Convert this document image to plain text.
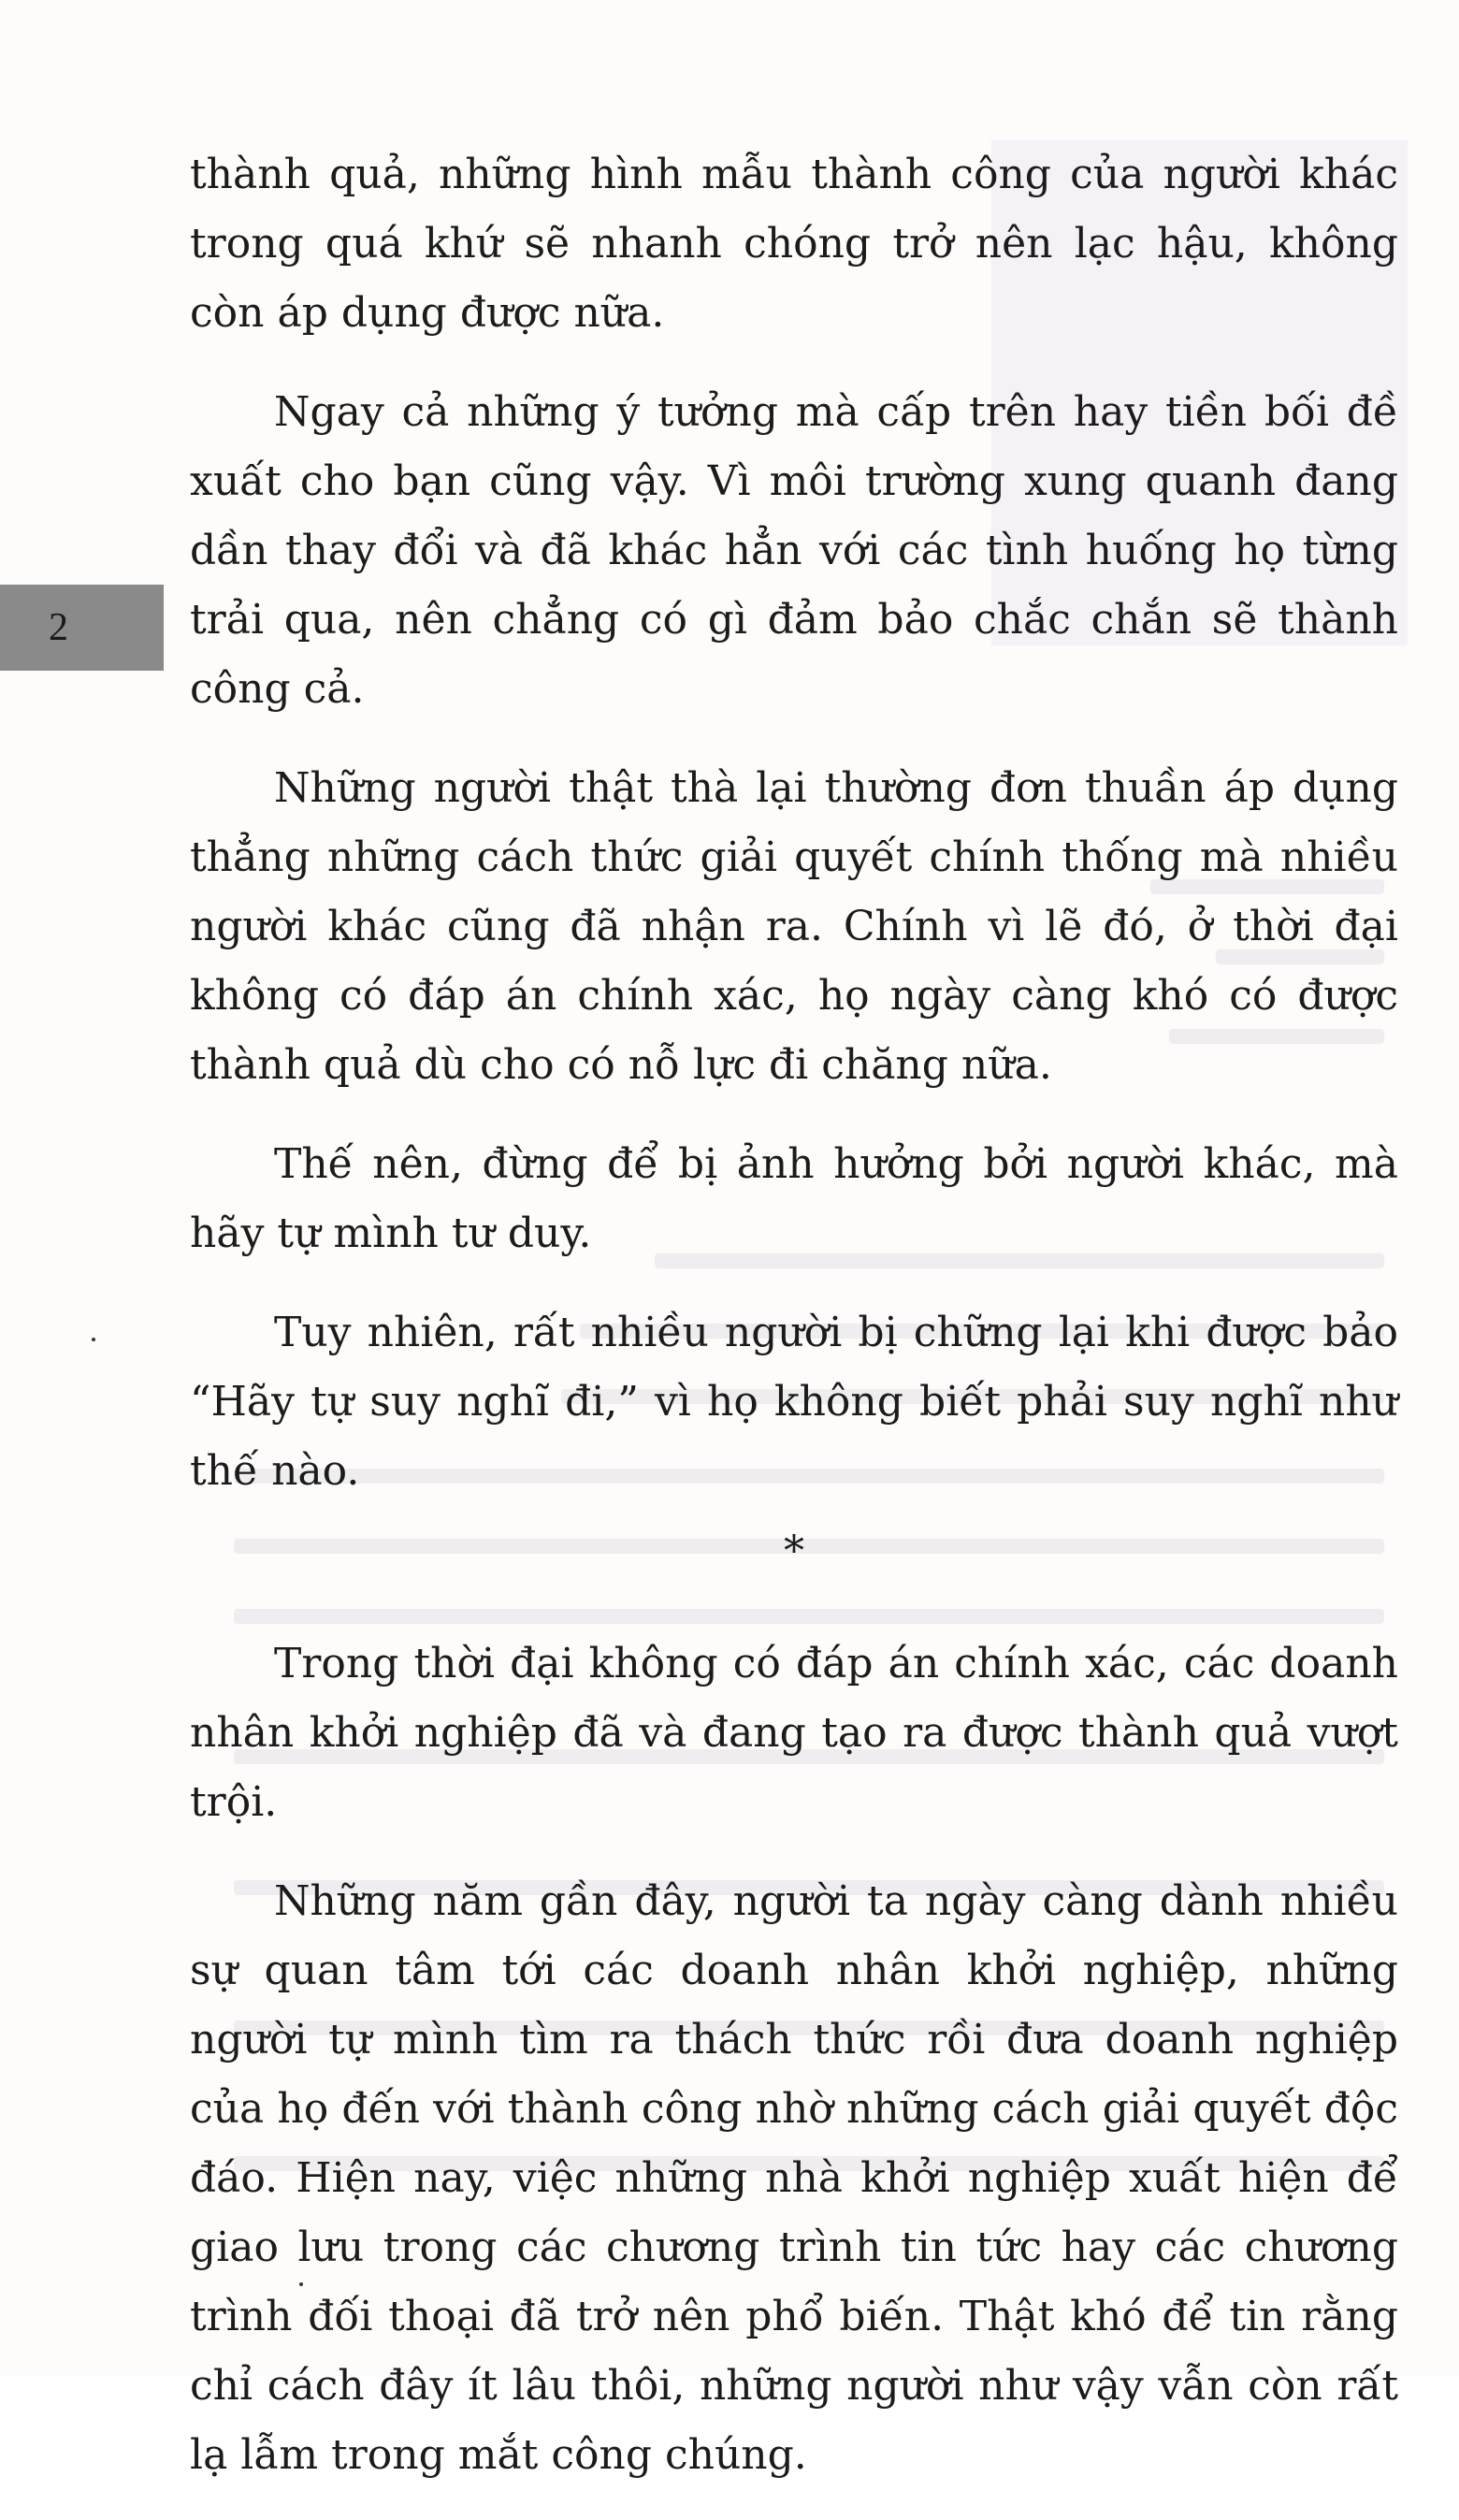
2

thành quả, những hình mẫu thành công của người khác trong quá khứ sẽ nhanh chóng trở nên lạc hậu, không còn áp dụng được nữa.

Ngay cả những ý tưởng mà cấp trên hay tiền bối đề xuất cho bạn cũng vậy. Vì môi trường xung quanh đang dần thay đổi và đã khác hẳn với các tình huống họ từng trải qua, nên chẳng có gì đảm bảo chắc chắn sẽ thành công cả.

Những người thật thà lại thường đơn thuần áp dụng thẳng những cách thức giải quyết chính thống mà nhiều người khác cũng đã nhận ra. Chính vì lẽ đó, ở thời đại không có đáp án chính xác, họ ngày càng khó có được thành quả dù cho có nỗ lực đi chăng nữa.

Thế nên, đừng để bị ảnh hưởng bởi người khác, mà hãy tự mình tư duy.

Tuy nhiên, rất nhiều người bị chững lại khi được bảo “Hãy tự suy nghĩ đi,” vì họ không biết phải suy nghĩ như thế nào.

*

Trong thời đại không có đáp án chính xác, các doanh nhân khởi nghiệp đã và đang tạo ra được thành quả vượt trội.

Những năm gần đây, người ta ngày càng dành nhiều sự quan tâm tới các doanh nhân khởi nghiệp, những người tự mình tìm ra thách thức rồi đưa doanh nghiệp của họ đến với thành công nhờ những cách giải quyết độc đáo. Hiện nay, việc những nhà khởi nghiệp xuất hiện để giao lưu trong các chương trình tin tức hay các chương trình đối thoại đã trở nên phổ biến. Thật khó để tin rằng chỉ cách đây ít lâu thôi, những người như vậy vẫn còn rất lạ lẫm trong mắt công chúng.
